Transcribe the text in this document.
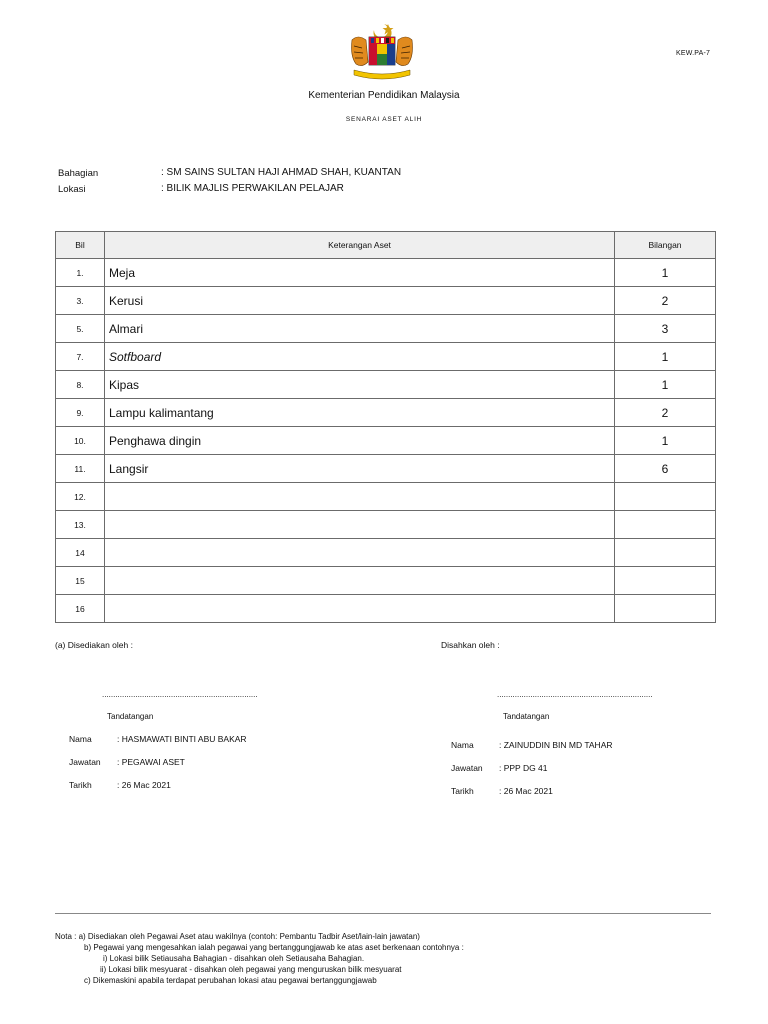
KEW.PA-7
Kementerian Pendidikan Malaysia
SENARAI ASET ALIH
Bahagian	: SM SAINS SULTAN HAJI AHMAD SHAH, KUANTAN
Lokasi	: BILIK MAJLIS PERWAKILAN PELAJAR
Bil	Keterangan Aset	Bilangan
1.	Meja	1
3.	Kerusi	2
5.	Almari	3
7.	Sotfboard	1
8.	Kipas	1
9.	Lampu kalimantang	2
10.	Penghawa dingin	1
11.	Langsir	6
12.		
13.		
14		
15		
16		
(a) Disediakan oleh :
......................................................................
Tandatangan
Nama	: HASMAWATI BINTI ABU BAKAR
Jawatan : PEGAWAI ASET
Tarikh	: 26 Mac 2021
Disahkan oleh :
......................................................................
Tandatangan
Nama	: ZAINUDDIN BIN MD TAHAR
Jawatan : PPP DG 41
Tarikh	: 26 Mac 2021
Nota : a) Disediakan oleh Pegawai Aset atau wakilnya (contoh: Pembantu Tadbir Aset/lain-lain jawatan)
b) Pegawai yang mengesahkan ialah pegawai yang bertanggungjawab ke atas aset berkenaan contohnya :
i) Lokasi bilik Setiausaha Bahagian - disahkan oleh Setiausaha Bahagian.
ii) Lokasi bilik mesyuarat - disahkan oleh pegawai yang menguruskan bilik mesyuarat
c) Dikemaskini apabila terdapat perubahan lokasi atau pegawai bertanggungjawab
